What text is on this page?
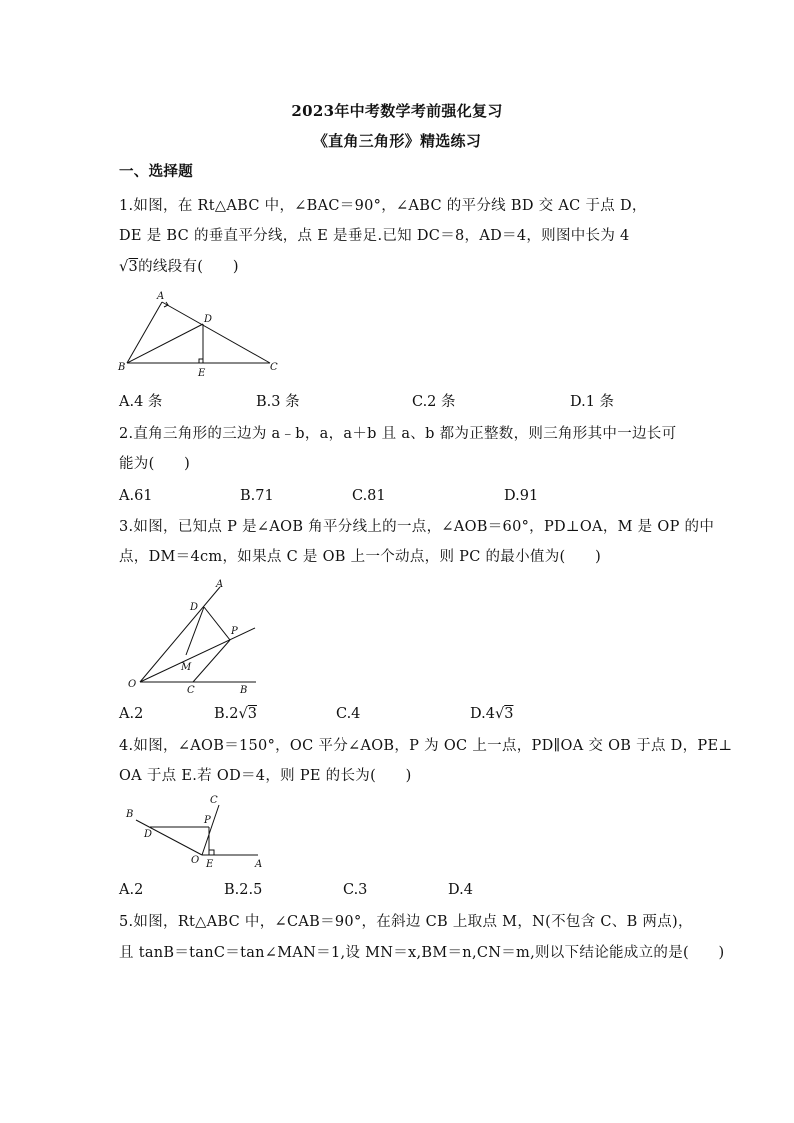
2023年中考数学考前强化复习
《直角三角形》精选练习
一、选择题
1.如图，在 Rt△ABC 中，∠BAC＝90°，∠ABC 的平分线 BD 交 AC 于点 D，
DE 是 BC 的垂直平分线，点 E 是垂足.已知 DC＝8，AD＝4，则图中长为 4
√3的线段有(　　)
A
D
B
E
C
A.4 条	B.3 条	C.2 条	D.1 条
2.直角三角形的三边为 a﹣b，a，a＋b 且 a、b 都为正整数，则三角形其中一边长可
能为(　　)
A.61	B.71	C.81	D.91
3.如图，已知点 P 是∠AOB 角平分线上的一点，∠AOB＝60°，PD⊥OA，M 是 OP 的中
点，DM＝4cm，如果点 C 是 OB 上一个动点，则 PC 的最小值为(　　)
A
D
P
M
O
C	B
A.2	B.2√3	C.4	D.4√3
4.如图，∠AOB＝150°，OC 平分∠AOB，P 为 OC 上一点，PD∥OA 交 OB 于点 D，PE⊥
OA 于点 E.若 OD＝4，则 PE 的长为(　　)
C
B
P
D
O E	A
A.2	B.2.5	C.3	D.4
5.如图，Rt△ABC 中，∠CAB＝90°，在斜边 CB 上取点 M，N(不包含 C、B 两点)，
且 tanB＝tanC＝tan∠MAN＝1,设 MN＝x,BM＝n,CN＝m,则以下结论能成立的是(　　)
